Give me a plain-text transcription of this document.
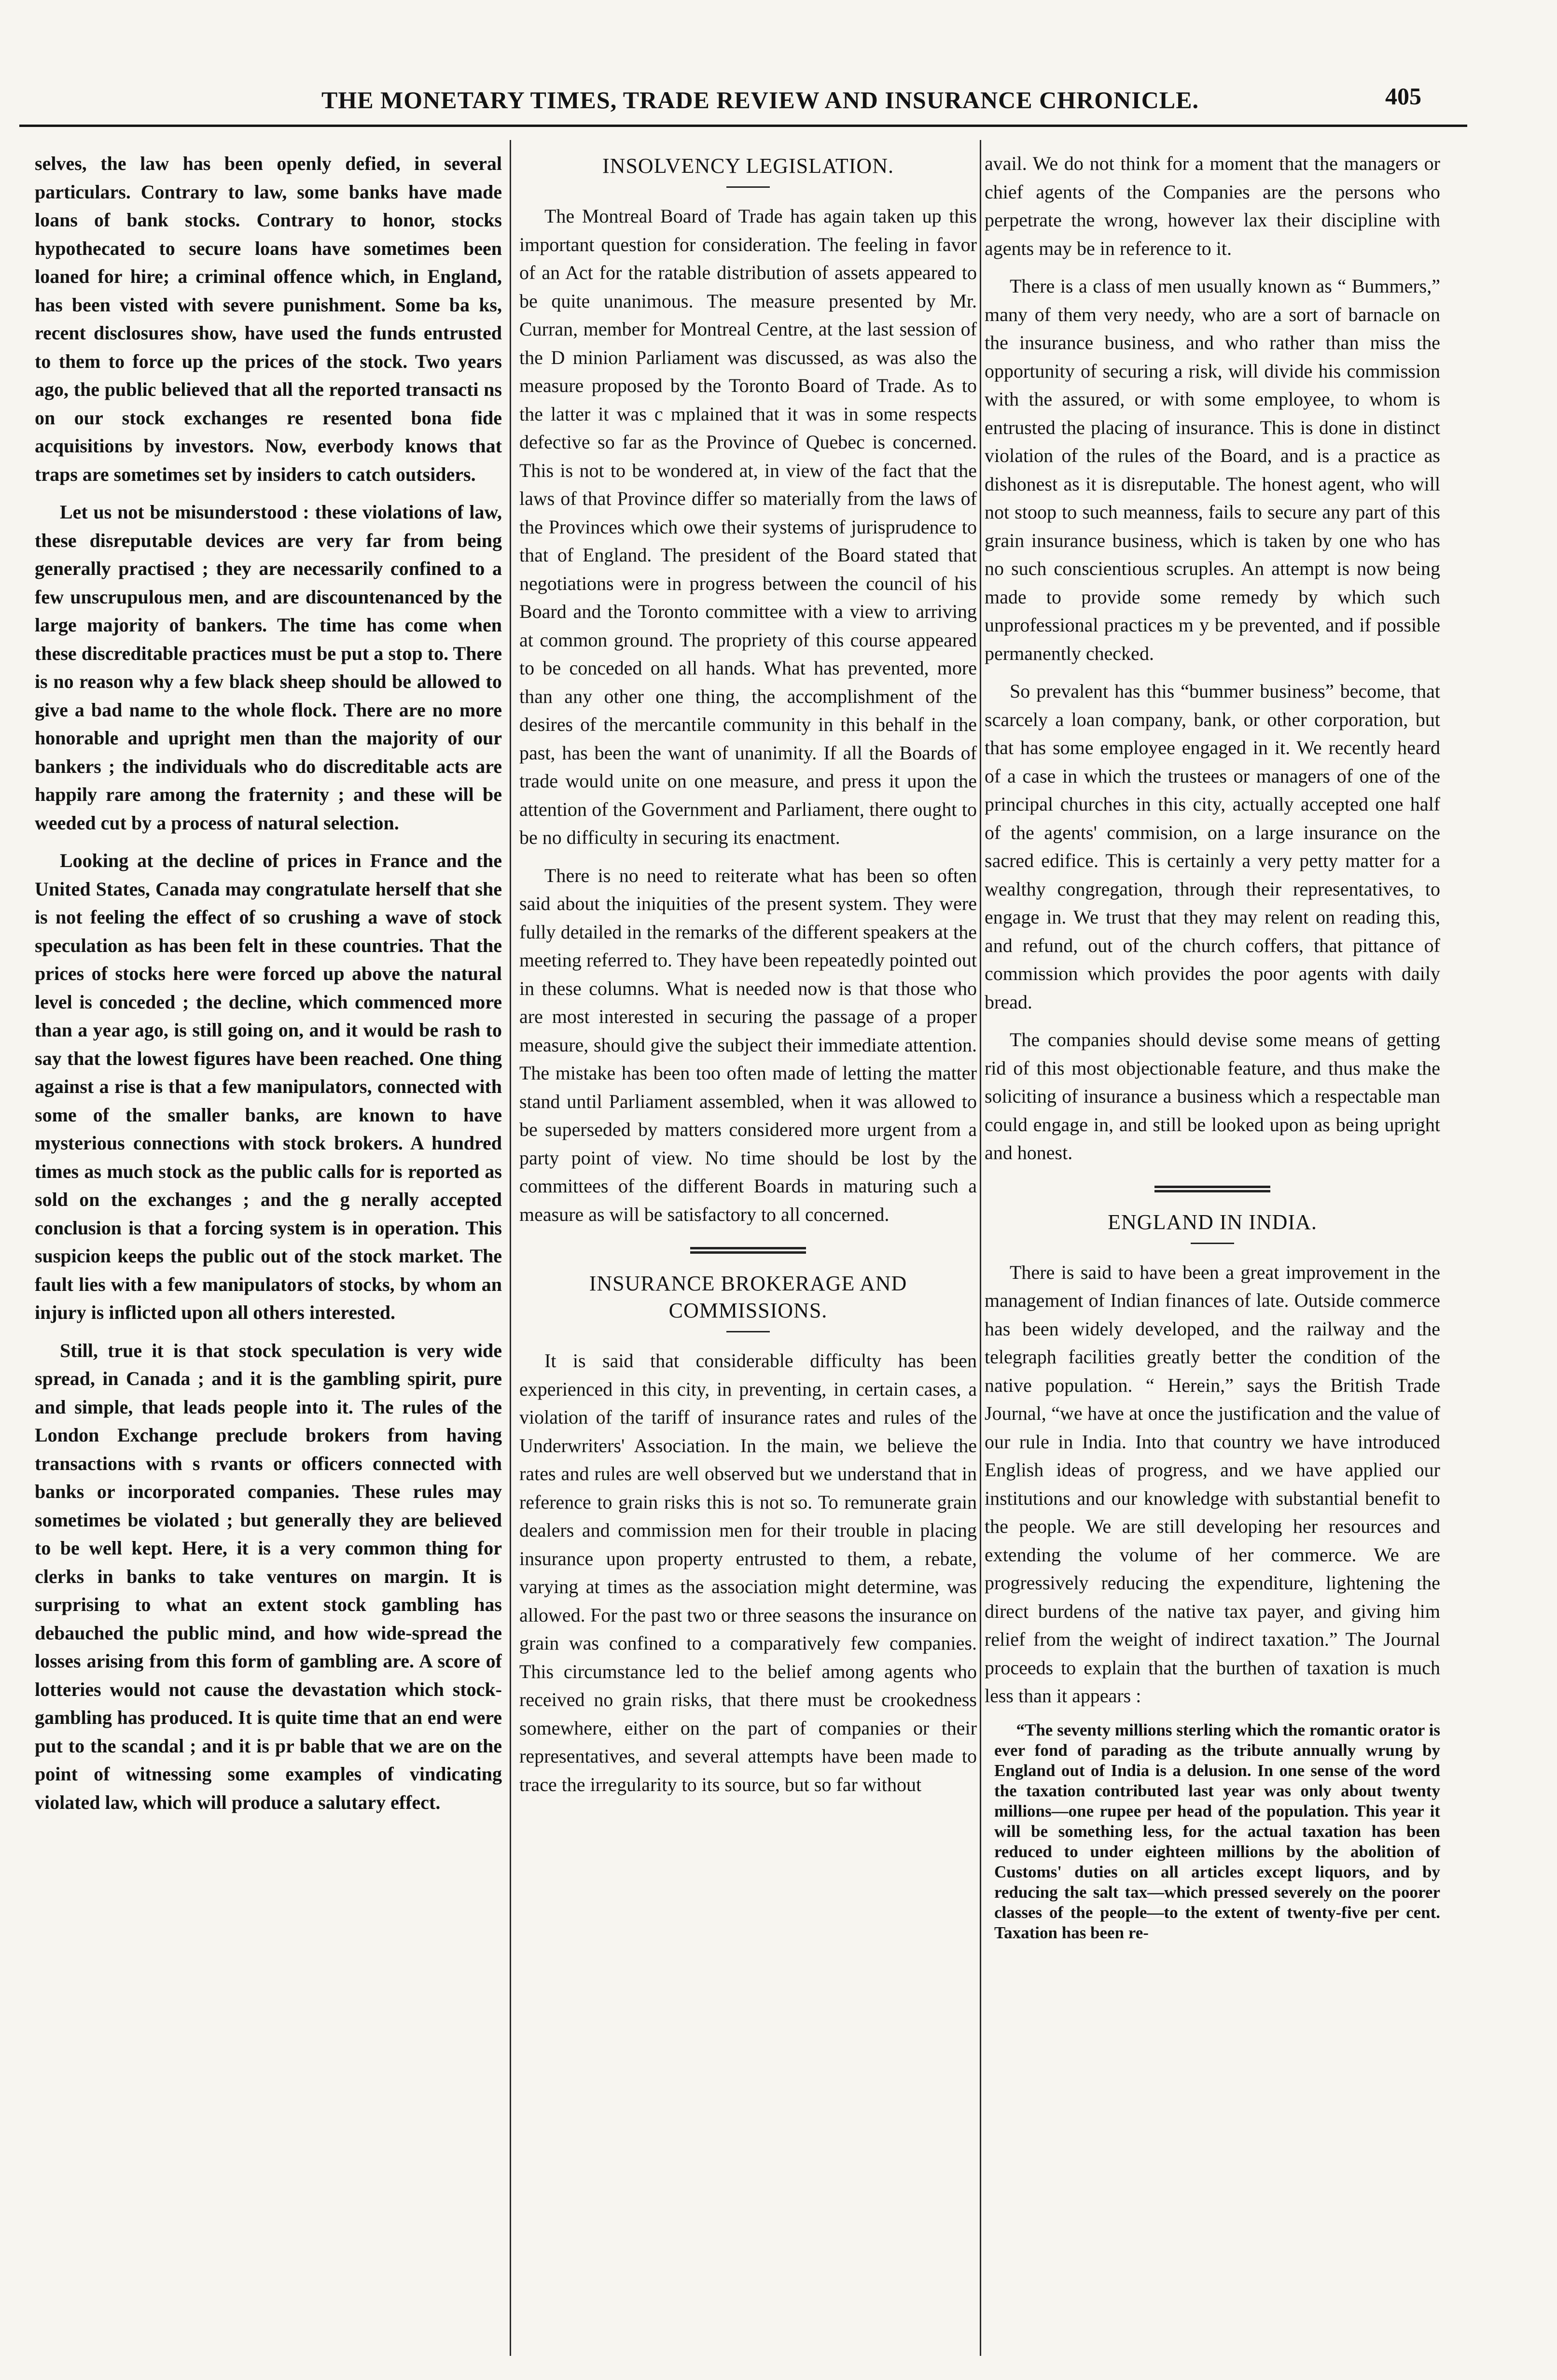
THE MONETARY TIMES, TRADE REVIEW AND INSURANCE CHRONICLE.	405

selves, the law has been openly defied, in several particulars. Contrary to law, some banks have made loans of bank stocks. Contrary to honor, stocks hypothecated to secure loans have sometimes been loaned for hire; a criminal offence which, in England, has been visted with severe punishment. Some ba ks, recent disclosures show, have used the funds entrusted to them to force up the prices of the stock. Two years ago, the public believed that all the reported transacti ns on our stock exchanges re resented bona fide acquisitions by investors. Now, everbody knows that traps are sometimes set by insiders to catch outsiders.

Let us not be misunderstood : these violations of law, these disreputable devices are very far from being generally practised ; they are necessarily confined to a few unscrupulous men, and are discountenanced by the large majority of bankers. The time has come when these discreditable practices must be put a stop to. There is no reason why a few black sheep should be allowed to give a bad name to the whole flock. There are no more honorable and upright men than the majority of our bankers ; the individuals who do discreditable acts are happily rare among the fraternity ; and these will be weeded cut by a process of natural selection.

Looking at the decline of prices in France and the United States, Canada may congratulate herself that she is not feeling the effect of so crushing a wave of stock speculation as has been felt in these countries. That the prices of stocks here were forced up above the natural level is conceded ; the decline, which commenced more than a year ago, is still going on, and it would be rash to say that the lowest figures have been reached. One thing against a rise is that a few manipulators, connected with some of the smaller banks, are known to have mysterious connections with stock brokers. A hundred times as much stock as the public calls for is reported as sold on the exchanges ; and the g nerally accepted conclusion is that a forcing system is in operation. This suspicion keeps the public out of the stock market. The fault lies with a few manipulators of stocks, by whom an injury is inflicted upon all others interested.

Still, true it is that stock speculation is very wide spread, in Canada ; and it is the gambling spirit, pure and simple, that leads people into it. The rules of the London Exchange preclude brokers from having transactions with s rvants or officers connected with banks or incorporated companies. These rules may sometimes be violated ; but generally they are believed to be well kept. Here, it is a very common thing for clerks in banks to take ventures on margin. It is surprising to what an extent stock gambling has debauched the public mind, and how wide-spread the losses arising from this form of gambling are. A score of lotteries would not cause the devastation which stock-gambling has produced. It is quite time that an end were put to the scandal ; and it is pr bable that we are on the point of witnessing some examples of vindicating violated law, which will produce a salutary effect.

INSOLVENCY LEGISLATION.

The Montreal Board of Trade has again taken up this important question for consideration. The feeling in favor of an Act for the ratable distribution of assets appeared to be quite unanimous. The measure presented by Mr. Curran, member for Montreal Centre, at the last session of the D minion Parliament was discussed, as was also the measure proposed by the Toronto Board of Trade. As to the latter it was c mplained that it was in some respects defective so far as the Province of Quebec is concerned. This is not to be wondered at, in view of the fact that the laws of that Province differ so materially from the laws of the Provinces which owe their systems of jurisprudence to that of England. The president of the Board stated that negotiations were in progress between the council of his Board and the Toronto committee with a view to arriving at common ground. The propriety of this course appeared to be conceded on all hands. What has prevented, more than any other one thing, the accomplishment of the desires of the mercantile community in this behalf in the past, has been the want of unanimity. If all the Boards of trade would unite on one measure, and press it upon the attention of the Government and Parliament, there ought to be no difficulty in securing its enactment.

There is no need to reiterate what has been so often said about the iniquities of the present system. They were fully detailed in the remarks of the different speakers at the meeting referred to. They have been repeatedly pointed out in these columns. What is needed now is that those who are most interested in securing the passage of a proper measure, should give the subject their immediate attention. The mistake has been too often made of letting the matter stand until Parliament assembled, when it was allowed to be superseded by matters considered more urgent from a party point of view. No time should be lost by the committees of the different Boards in maturing such a measure as will be satisfactory to all concerned.

INSURANCE BROKERAGE AND
COMMISSIONS.

It is said that considerable difficulty has been experienced in this city, in preventing, in certain cases, a violation of the tariff of insurance rates and rules of the Underwriters' Association. In the main, we believe the rates and rules are well observed but we understand that in reference to grain risks this is not so. To remunerate grain dealers and commission men for their trouble in placing insurance upon property entrusted to them, a rebate, varying at times as the association might determine, was allowed. For the past two or three seasons the insurance on grain was confined to a comparatively few companies. This circumstance led to the belief among agents who received no grain risks, that there must be crookedness somewhere, either on the part of companies or their representatives, and several attempts have been made to trace the irregularity to its source, but so far without

avail. We do not think for a moment that the managers or chief agents of the Companies are the persons who perpetrate the wrong, however lax their discipline with agents may be in reference to it.

There is a class of men usually known as “ Bummers,” many of them very needy, who are a sort of barnacle on the insurance business, and who rather than miss the opportunity of securing a risk, will divide his commission with the assured, or with some employee, to whom is entrusted the placing of insurance. This is done in distinct violation of the rules of the Board, and is a practice as dishonest as it is disreputable. The honest agent, who will not stoop to such meanness, fails to secure any part of this grain insurance business, which is taken by one who has no such conscientious scruples. An attempt is now being made to provide some remedy by which such unprofessional practices m y be prevented, and if possible permanently checked.

So prevalent has this “bummer business” become, that scarcely a loan company, bank, or other corporation, but that has some employee engaged in it. We recently heard of a case in which the trustees or managers of one of the principal churches in this city, actually accepted one half of the agents' commision, on a large insurance on the sacred edifice. This is certainly a very petty matter for a wealthy congregation, through their representatives, to engage in. We trust that they may relent on reading this, and refund, out of the church coffers, that pittance of commission which provides the poor agents with daily bread.

The companies should devise some means of getting rid of this most objectionable feature, and thus make the soliciting of insurance a business which a respectable man could engage in, and still be looked upon as being upright and honest.

ENGLAND IN INDIA.

There is said to have been a great improvement in the management of Indian finances of late. Outside commerce has been widely developed, and the railway and the telegraph facilities greatly better the condition of the native population. “ Herein,” says the British Trade Journal, “we have at once the justification and the value of our rule in India. Into that country we have introduced English ideas of progress, and we have applied our institutions and our knowledge with substantial benefit to the people. We are still developing her resources and extending the volume of her commerce. We are progressively reducing the expenditure, lightening the direct burdens of the native tax payer, and giving him relief from the weight of indirect taxation.” The Journal proceeds to explain that the burthen of taxation is much less than it appears :

“The seventy millions sterling which the romantic orator is ever fond of parading as the tribute annually wrung by England out of India is a delusion. In one sense of the word the taxation contributed last year was only about twenty millions—one rupee per head of the population. This year it will be something less, for the actual taxation has been reduced to under eighteen millions by the abolition of Customs' duties on all articles except liquors, and by reducing the salt tax—which pressed severely on the poorer classes of the people—to the extent of twenty-five per cent. Taxation has been re-
